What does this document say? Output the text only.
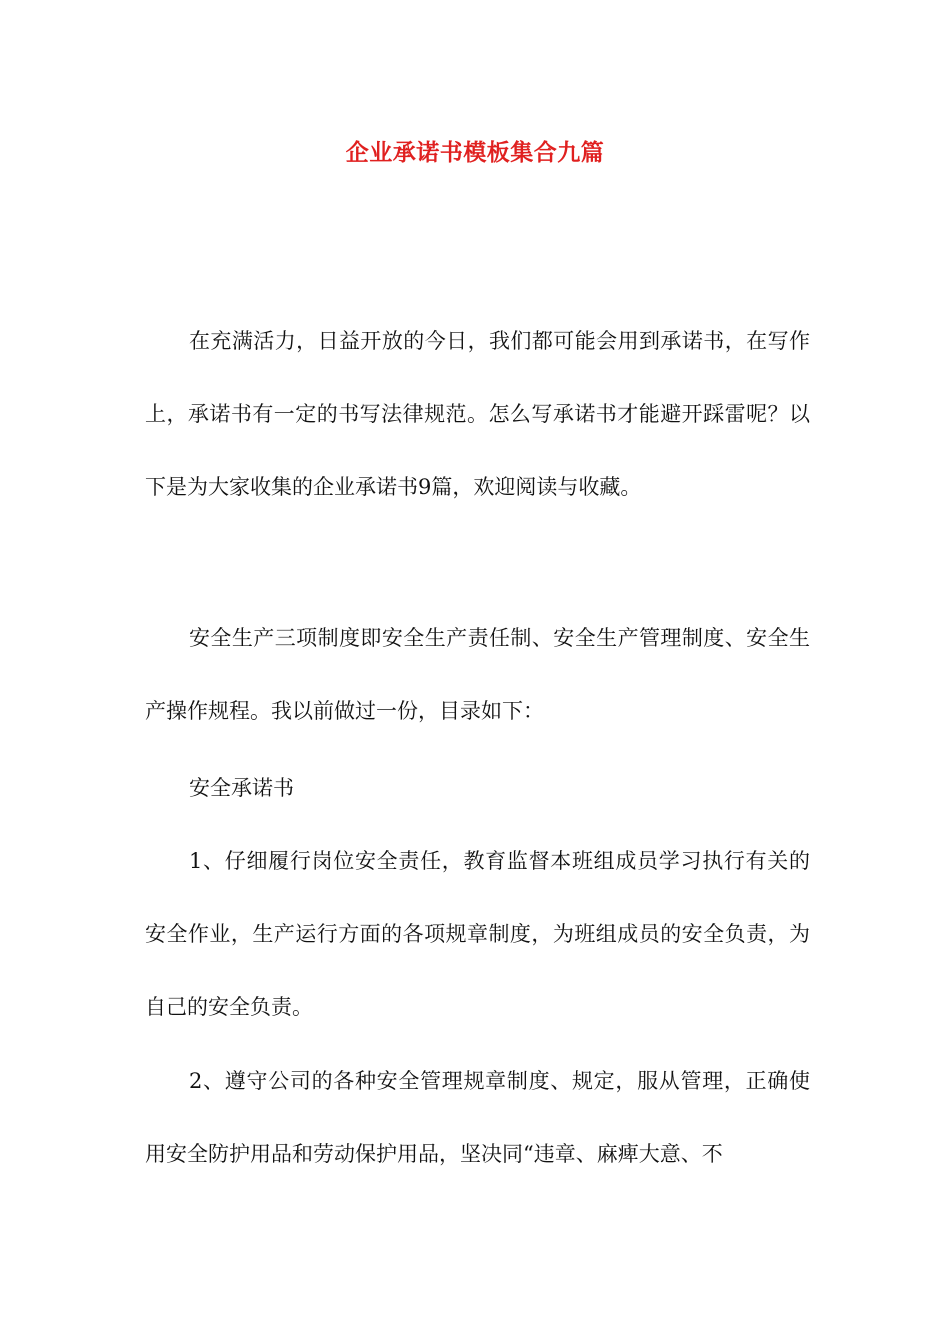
企业承诺书模板集合九篇

在充满活力，日益开放的今日，我们都可能会用到承诺书，在写作上，承诺书有一定的书写法律规范。怎么写承诺书才能避开踩雷呢？以下是为大家收集的企业承诺书9篇，欢迎阅读与收藏。

安全生产三项制度即安全生产责任制、安全生产管理制度、安全生产操作规程。我以前做过一份，目录如下：

安全承诺书

1、仔细履行岗位安全责任，教育监督本班组成员学习执行有关的安全作业，生产运行方面的各项规章制度，为班组成员的安全负责，为自己的安全负责。

2、遵守公司的各种安全管理规章制度、规定，服从管理，正确使用安全防护用品和劳动保护用品，坚决同“违章、麻痺大意、不
